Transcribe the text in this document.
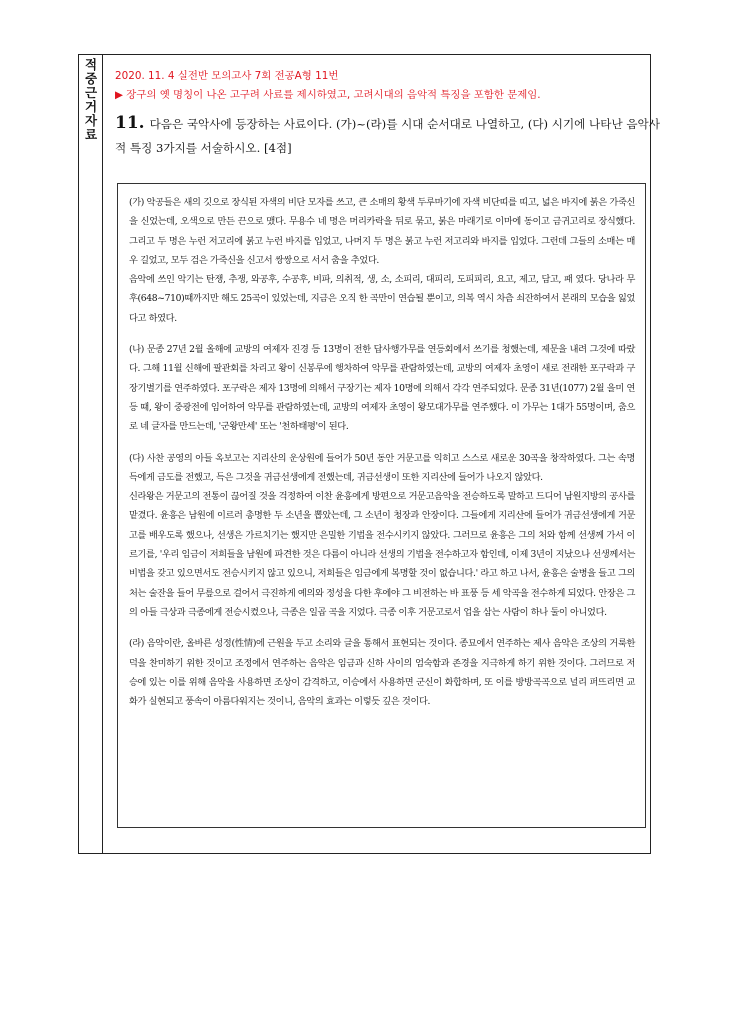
적중근거자료
2020. 11. 4 실전반 모의고사 7회 전공A형 11번
▶ 장구의 옛 명칭이 나온 고구려 사료를 제시하였고, 고려시대의 음악적 특징을 포함한 문제임.
11. 다음은 국악사에 등장하는 사료이다. (가)~(라)를 시대 순서대로 나열하고, (다) 시기에 나타난 음악사적 특징 3가지를 서술하시오. [4점]

(가) 악공들은 새의 깃으로 장식된 자색의 비단 모자를 쓰고, 큰 소매의 황색 두루마기에 자색 비단띠를 띠고, 넓은 바지에 붉은 가죽신을 신었는데, 오색으로 만든 끈으로 맸다. 무용수 네 명은 머리카락을 뒤로 묶고, 붉은 마래기로 이마에 동이고 금귀고리로 장식했다. 그리고 두 명은 누런 저고리에 붉고 누런 바지를 입었고, 나머지 두 명은 붉고 누런 저고리와 바지를 입었다. 그런데 그들의 소매는 매우 길었고, 모두 검은 가죽신을 신고서 쌍쌍으로 서서 춤을 추었다.

음악에 쓰인 악기는 탄쟁, 추쟁, 와공후, 수공후, 비파, 의취적, 생, 소, 소피리, 대피리, 도피피리, 요고, 제고, 담고, 패 였다. 당나라 무후(648~710)때까지만 해도 25곡이 있었는데, 지금은 오직 한 곡만이 연습될 뿐이고, 의복 역시 차츰 쇠잔하여서 본래의 모습을 잃었다고 하였다.

(나) 문종 27년 2월 올해에 교방의 여제자 진경 등 13명이 전한 답사행가무를 연등회에서 쓰기를 청했는데, 제문을 내려 그것에 따랐다. 그해 11월 신해에 팔관회를 차리고 왕이 신봉루에 행차하여 악무를 관람하였는데, 교방의 여제자 초영이 새로 전래한 포구락과 구장기별기를 연주하였다. 포구락은 제자 13명에 의해서 구장기는 제자 10명에 의해서 각각 연주되었다. 문종 31년(1077) 2월 을미 연등 때, 왕이 중광전에 임어하여 악무를 관람하였는데, 교방의 여제자 초영이 왕모대가무를 연주했다. 이 가무는 1대가 55명이며, 춤으로 네 글자를 만드는데, '군왕만세' 또는 '천하태평'이 된다.

(다) 사찬 공영의 아들 옥보고는 지리산의 운상원에 들어가 50년 동안 거문고를 익히고 스스로 새로운 30곡을 창작하였다. 그는 속명득에게 금도를 전했고, 득은 그것을 귀금선생에게 전했는데, 귀금선생이 또한 지리산에 들어가 나오지 않았다.

신라왕은 거문고의 전통이 끊어질 것을 걱정하여 이찬 윤흥에게 방편으로 거문고음악을 전승하도록 말하고 드디어 남원지방의 공사를 맡겼다. 윤흥은 남원에 이르러 총명한 두 소년을 뽑았는데, 그 소년이 청장과 안장이다. 그들에게 지리산에 들어가 귀금선생에게 거문고를 배우도록 했으나, 선생은 가르치기는 했지만 은밀한 기법을 전수시키지 않았다. 그러므로 윤흥은 그의 처와 함께 선생께 가서 이르기를, '우리 임금이 저희들을 남원에 파견한 것은 다름이 아니라 선생의 기법을 전수하고자 함인데, 이제 3년이 지났으나 선생께서는 비법을 갖고 있으면서도 전승시키지 않고 있으니, 저희들은 임금에게 복명할 것이 없습니다.' 라고 하고 나서, 윤흥은 술병을 들고 그의 처는 술잔을 들어 무릎으로 걸어서 극진하게 예의와 정성을 다한 후에야 그 비전하는 바 표풍 등 세 악곡을 전수하게 되었다. 안장은 그의 아들 극상과 극종에게 전승시켰으나, 극종은 일곱 곡을 지었다. 극종 이후 거문고로서 업을 삼는 사람이 하나 둘이 아니었다.

(라) 음악이란, 올바른 성정(性情)에 근원을 두고 소리와 글을 통해서 표현되는 것이다. 종묘에서 연주하는 제사 음악은 조상의 거룩한 덕을 찬미하기 위한 것이고 조정에서 연주하는 음악은 임금과 신하 사이의 엄숙함과 존경을 지극하게 하기 위한 것이다. 그러므로 저승에 있는 이를 위해 음악을 사용하면 조상이 감격하고, 이승에서 사용하면 군신이 화합하며, 또 이를 방방곡곡으로 널리 퍼뜨리면 교화가 실현되고 풍속이 아름다워지는 것이니, 음악의 효과는 이렇듯 깊은 것이다.
